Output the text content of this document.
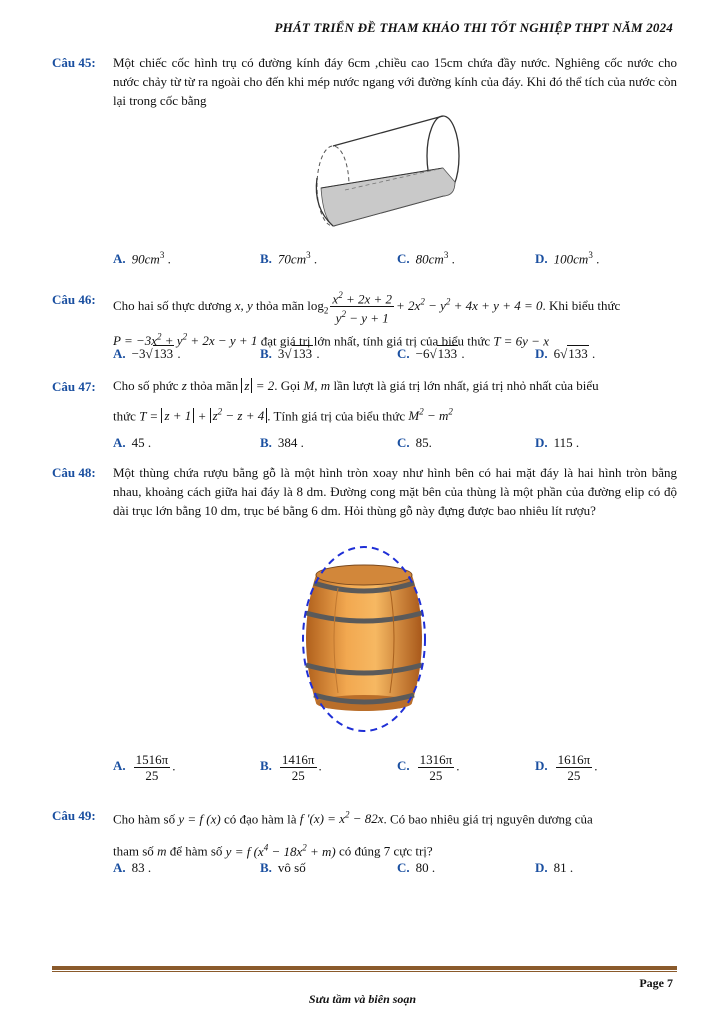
PHÁT TRIỂN ĐỀ THAM KHẢO THI TỐT NGHIỆP THPT NĂM 2024
Câu 45: Một chiếc cốc hình trụ có đường kính đáy 6cm ,chiều cao 15cm chứa đầy nước. Nghiêng cốc nước cho nước chảy từ từ ra ngoài cho đến khi mép nước ngang với đường kính của đáy. Khi đó thể tích của nước còn lại trong cốc bằng
A. $90cm^3$ .	B. $70cm^3$ .	C. $80cm^3$ .	D. $100cm^3$ .
Câu 46: Cho hai số thực dương x, y thỏa mãn $\log_2 \frac{x^2 + 2x + 2}{y^2 - y + 1} + 2x^2 - y^2 + 4x + y + 4 = 0$. Khi biểu thức
$P = -3x^2 + y^2 + 2x - y + 1$ đạt giá trị lớn nhất, tính giá trị của biểu thức T = 6y − x
A. −3√133 .	B. 3√133 .	C. −6√133 .	D. 6√133 .
Câu 47: Cho số phức z thỏa mãn z = 2. Gọi M, m lần lượt là giá trị lớn nhất, giá trị nhỏ nhất của biểu
thức $T = z + 1 + z^2 - z + 4$ . Tính giá trị của biểu thức $M^2 - m^2$
A. 45 .	B. 384 .	C. 85.	D. 115 .
Câu 48: Một thùng chứa rượu bằng gỗ là một hình tròn xoay như hình bên có hai mặt đáy là hai hình tròn bằng nhau, khoảng cách giữa hai đáy là 8 dm. Đường cong mặt bên của thùng là một phần của đường elip có độ dài trục lớn bằng 10 dm, trục bé bằng 6 dm. Hỏi thùng gỗ này đựng được bao nhiêu lít rượu?
A. $\frac{1516\pi}{25}$ .	B. $\frac{1416\pi}{25}$ .	C. $\frac{1316\pi}{25}$ .	D. $\frac{1616\pi}{25}$ .
Câu 49: Cho hàm số y = f (x) có đạo hàm là f $'(x) = x^2 - 82x$. Có bao nhiêu giá trị nguyên dương của
tham số m để hàm số y = f $(x^4 - 18x^2 + m)$ có đúng 7 cực trị?
A. 83 .	B. vô số	C. 80 .	D. 81 .
Page 7
Sưu tầm và biên soạn
